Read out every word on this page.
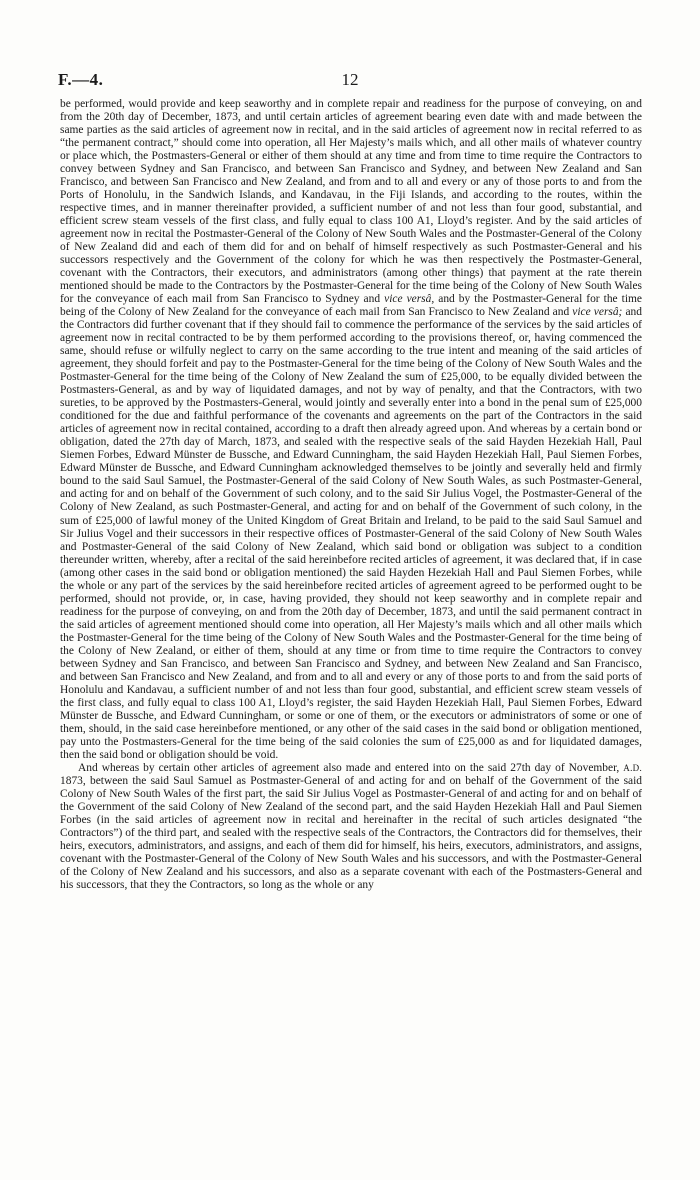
F.—4.	12

be performed, would provide and keep seaworthy and in complete repair and readiness for the purpose of conveying, on and from the 20th day of December, 1873, and until certain articles of agreement bearing even date with and made between the same parties as the said articles of agreement now in recital, and in the said articles of agreement now in recital referred to as “the permanent contract,” should come into operation, all Her Majesty’s mails which, and all other mails of whatever country or place which, the Postmasters-General or either of them should at any time and from time to time require the Contractors to convey between Sydney and San Francisco, and between San Francisco and Sydney, and between New Zealand and San Francisco, and between San Francisco and New Zealand, and from and to all and every or any of those ports to and from the Ports of Honolulu, in the Sandwich Islands, and Kandavau, in the Fiji Islands, and according to the routes, within the respective times, and in manner thereinafter provided, a sufficient number of and not less than four good, substantial, and efficient screw steam vessels of the first class, and fully equal to class 100 A1, Lloyd’s register. And by the said articles of agreement now in recital the Postmaster-General of the Colony of New South Wales and the Postmaster-General of the Colony of New Zealand did and each of them did for and on behalf of himself respectively as such Postmaster-General and his successors respectively and the Government of the colony for which he was then respectively the Postmaster-General, covenant with the Contractors, their executors, and administrators (among other things) that payment at the rate therein mentioned should be made to the Contractors by the Postmaster-General for the time being of the Colony of New South Wales for the conveyance of each mail from San Francisco to Sydney and vice versâ, and by the Postmaster-General for the time being of the Colony of New Zealand for the conveyance of each mail from San Francisco to New Zealand and vice versâ; and the Contractors did further covenant that if they should fail to commence the performance of the services by the said articles of agreement now in recital contracted to be by them performed according to the provisions thereof, or, having commenced the same, should refuse or wilfully neglect to carry on the same according to the true intent and meaning of the said articles of agreement, they should forfeit and pay to the Postmaster-General for the time being of the Colony of New South Wales and the Postmaster-General for the time being of the Colony of New Zealand the sum of £25,000, to be equally divided between the Postmasters-General, as and by way of liquidated damages, and not by way of penalty, and that the Contractors, with two sureties, to be approved by the Postmasters-General, would jointly and severally enter into a bond in the penal sum of £25,000 conditioned for the due and faithful performance of the covenants and agreements on the part of the Contractors in the said articles of agreement now in recital contained, according to a draft then already agreed upon. And whereas by a certain bond or obligation, dated the 27th day of March, 1873, and sealed with the respective seals of the said Hayden Hezekiah Hall, Paul Siemen Forbes, Edward Münster de Bussche, and Edward Cunningham, the said Hayden Hezekiah Hall, Paul Siemen Forbes, Edward Münster de Bussche, and Edward Cunningham acknowledged themselves to be jointly and severally held and firmly bound to the said Saul Samuel, the Postmaster-General of the said Colony of New South Wales, as such Postmaster-General, and acting for and on behalf of the Government of such colony, and to the said Sir Julius Vogel, the Postmaster-General of the Colony of New Zealand, as such Postmaster-General, and acting for and on behalf of the Government of such colony, in the sum of £25,000 of lawful money of the United Kingdom of Great Britain and Ireland, to be paid to the said Saul Samuel and Sir Julius Vogel and their successors in their respective offices of Postmaster-General of the said Colony of New South Wales and Postmaster-General of the said Colony of New Zealand, which said bond or obligation was subject to a condition thereunder written, whereby, after a recital of the said hereinbefore recited articles of agreement, it was declared that, if in case (among other cases in the said bond or obligation mentioned) the said Hayden Hezekiah Hall and Paul Siemen Forbes, while the whole or any part of the services by the said hereinbefore recited articles of agreement agreed to be performed ought to be performed, should not provide, or, in case, having provided, they should not keep seaworthy and in complete repair and readiness for the purpose of conveying, on and from the 20th day of December, 1873, and until the said permanent contract in the said articles of agreement mentioned should come into operation, all Her Majesty’s mails which and all other mails which the Postmaster-General for the time being of the Colony of New South Wales and the Postmaster-General for the time being of the Colony of New Zealand, or either of them, should at any time or from time to time require the Contractors to convey between Sydney and San Francisco, and between San Francisco and Sydney, and between New Zealand and San Francisco, and between San Francisco and New Zealand, and from and to all and every or any of those ports to and from the said ports of Honolulu and Kandavau, a sufficient number of and not less than four good, substantial, and efficient screw steam vessels of the first class, and fully equal to class 100 A1, Lloyd’s register, the said Hayden Hezekiah Hall, Paul Siemen Forbes, Edward Münster de Bussche, and Edward Cunningham, or some or one of them, or the executors or administrators of some or one of them, should, in the said case hereinbefore mentioned, or any other of the said cases in the said bond or obligation mentioned, pay unto the Postmasters-General for the time being of the said colonies the sum of £25,000 as and for liquidated damages, then the said bond or obligation should be void.

And whereas by certain other articles of agreement also made and entered into on the said 27th day of November, A.D. 1873, between the said Saul Samuel as Postmaster-General of and acting for and on behalf of the Government of the said Colony of New South Wales of the first part, the said Sir Julius Vogel as Postmaster-General of and acting for and on behalf of the Government of the said Colony of New Zealand of the second part, and the said Hayden Hezekiah Hall and Paul Siemen Forbes (in the said articles of agreement now in recital and hereinafter in the recital of such articles designated “the Contractors”) of the third part, and sealed with the respective seals of the Contractors, the Contractors did for themselves, their heirs, executors, administrators, and assigns, and each of them did for himself, his heirs, executors, administrators, and assigns, covenant with the Postmaster-General of the Colony of New South Wales and his successors, and with the Postmaster-General of the Colony of New Zealand and his successors, and also as a separate covenant with each of the Postmasters-General and his successors, that they the Contractors, so long as the whole or any
